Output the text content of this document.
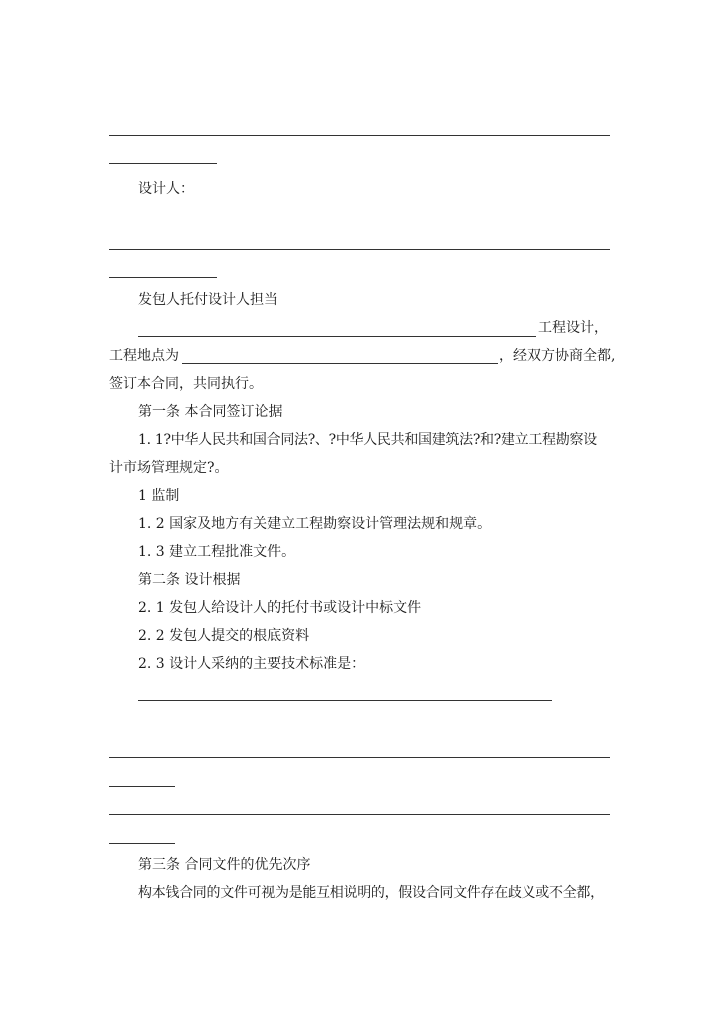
设计人：
发包人托付设计人担当
工程设计，
工程地点为	，经双方协商全都,
签订本合同，共同执行。
第一条 本合同签订论据
1. 1?中华人民共和国合同法?、?中华人民共和国建筑法?和?建立工程勘察设
计市场管理规定?。
1 监制
1. 2 国家及地方有关建立工程勘察设计管理法规和规章。
1. 3 建立工程批准文件。
第二条 设计根据
2. 1 发包人给设计人的托付书或设计中标文件
2. 2 发包人提交的根底资料
2. 3 设计人采纳的主要技术标准是：
第三条 合同文件的优先次序
构本钱合同的文件可视为是能互相说明的，假设合同文件存在歧义或不全都，
